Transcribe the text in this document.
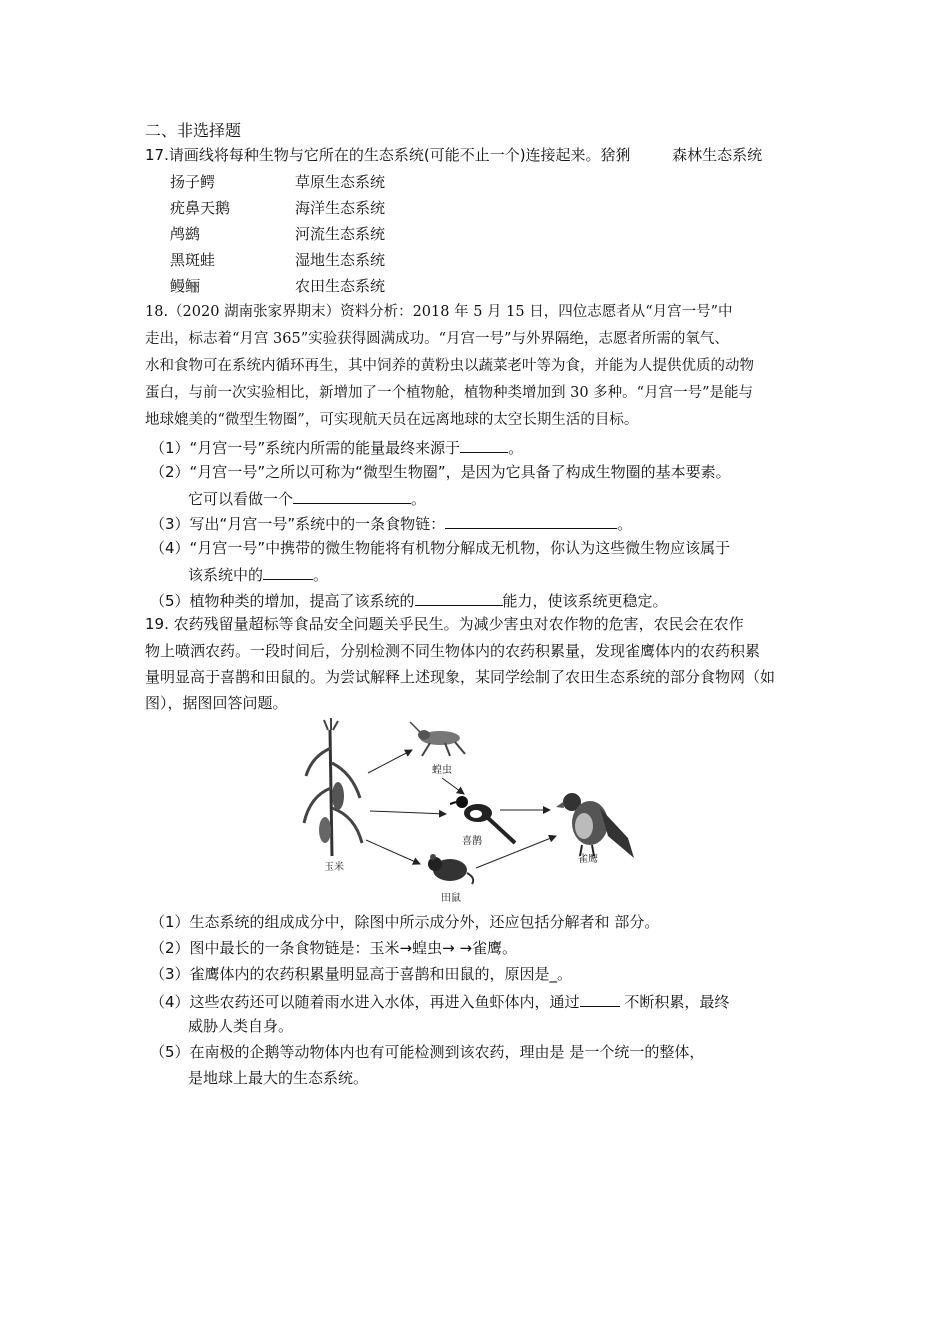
二、非选择题
17.请画线将每种生物与它所在的生态系统(可能不止一个)连接起来。猞猁	森林生态系统
扬子鳄	草原生态系统
疣鼻天鹅	海洋生态系统
鸬鹚	河流生态系统
黑斑蛙	湿地生态系统
鳗鲡	农田生态系统
18.（2020 湖南张家界期末）资料分析：2018 年 5 月 15 日，四位志愿者从“月宫一号”中
走出，标志着“月宫 365”实验获得圆满成功。“月宫一号”与外界隔绝，志愿者所需的氧气、
水和食物可在系统内循环再生，其中饲养的黄粉虫以蔬菜老叶等为食，并能为人提供优质的动物
蛋白，与前一次实验相比，新增加了一个植物舱，植物种类增加到 30 多种。“月宫一号”是能与
地球媲美的“微型生物圈”，可实现航天员在远离地球的太空长期生活的目标。
（1）“月宫一号”系统内所需的能量最终来源于	。
（2）“月宫一号”之所以可称为“微型生物圈”，是因为它具备了构成生物圈的基本要素。
它可以看做一个	。
（3）写出“月宫一号”系统中的一条食物链：	。
（4）“月宫一号”中携带的微生物能将有机物分解成无机物，你认为这些微生物应该属于
该系统中的	。
（5）植物种类的增加，提高了该系统的	能力，使该系统更稳定。
19. 农药残留量超标等食品安全问题关乎民生。为减少害虫对农作物的危害，农民会在农作
物上喷洒农药。一段时间后，分别检测不同生物体内的农药积累量，发现雀鹰体内的农药积累
量明显高于喜鹊和田鼠的。为尝试解释上述现象，某同学绘制了农田生态系统的部分食物网（如
图），据图回答问题。
玉米
蝗虫
喜鹊
田鼠
雀鹰
（1）生态系统的组成成分中，除图中所示成分外，还应包括分解者和 部分。
（2）图中最长的一条食物链是：玉米→蝗虫→ →雀鹰。
（3）雀鹰体内的农药积累量明显高于喜鹊和田鼠的，原因是_。
（4）这些农药还可以随着雨水进入水体，再进入鱼虾体内，通过	不断积累，最终
威胁人类自身。
（5）在南极的企鹅等动物体内也有可能检测到该农药，理由是 是一个统一的整体，
是地球上最大的生态系统。
